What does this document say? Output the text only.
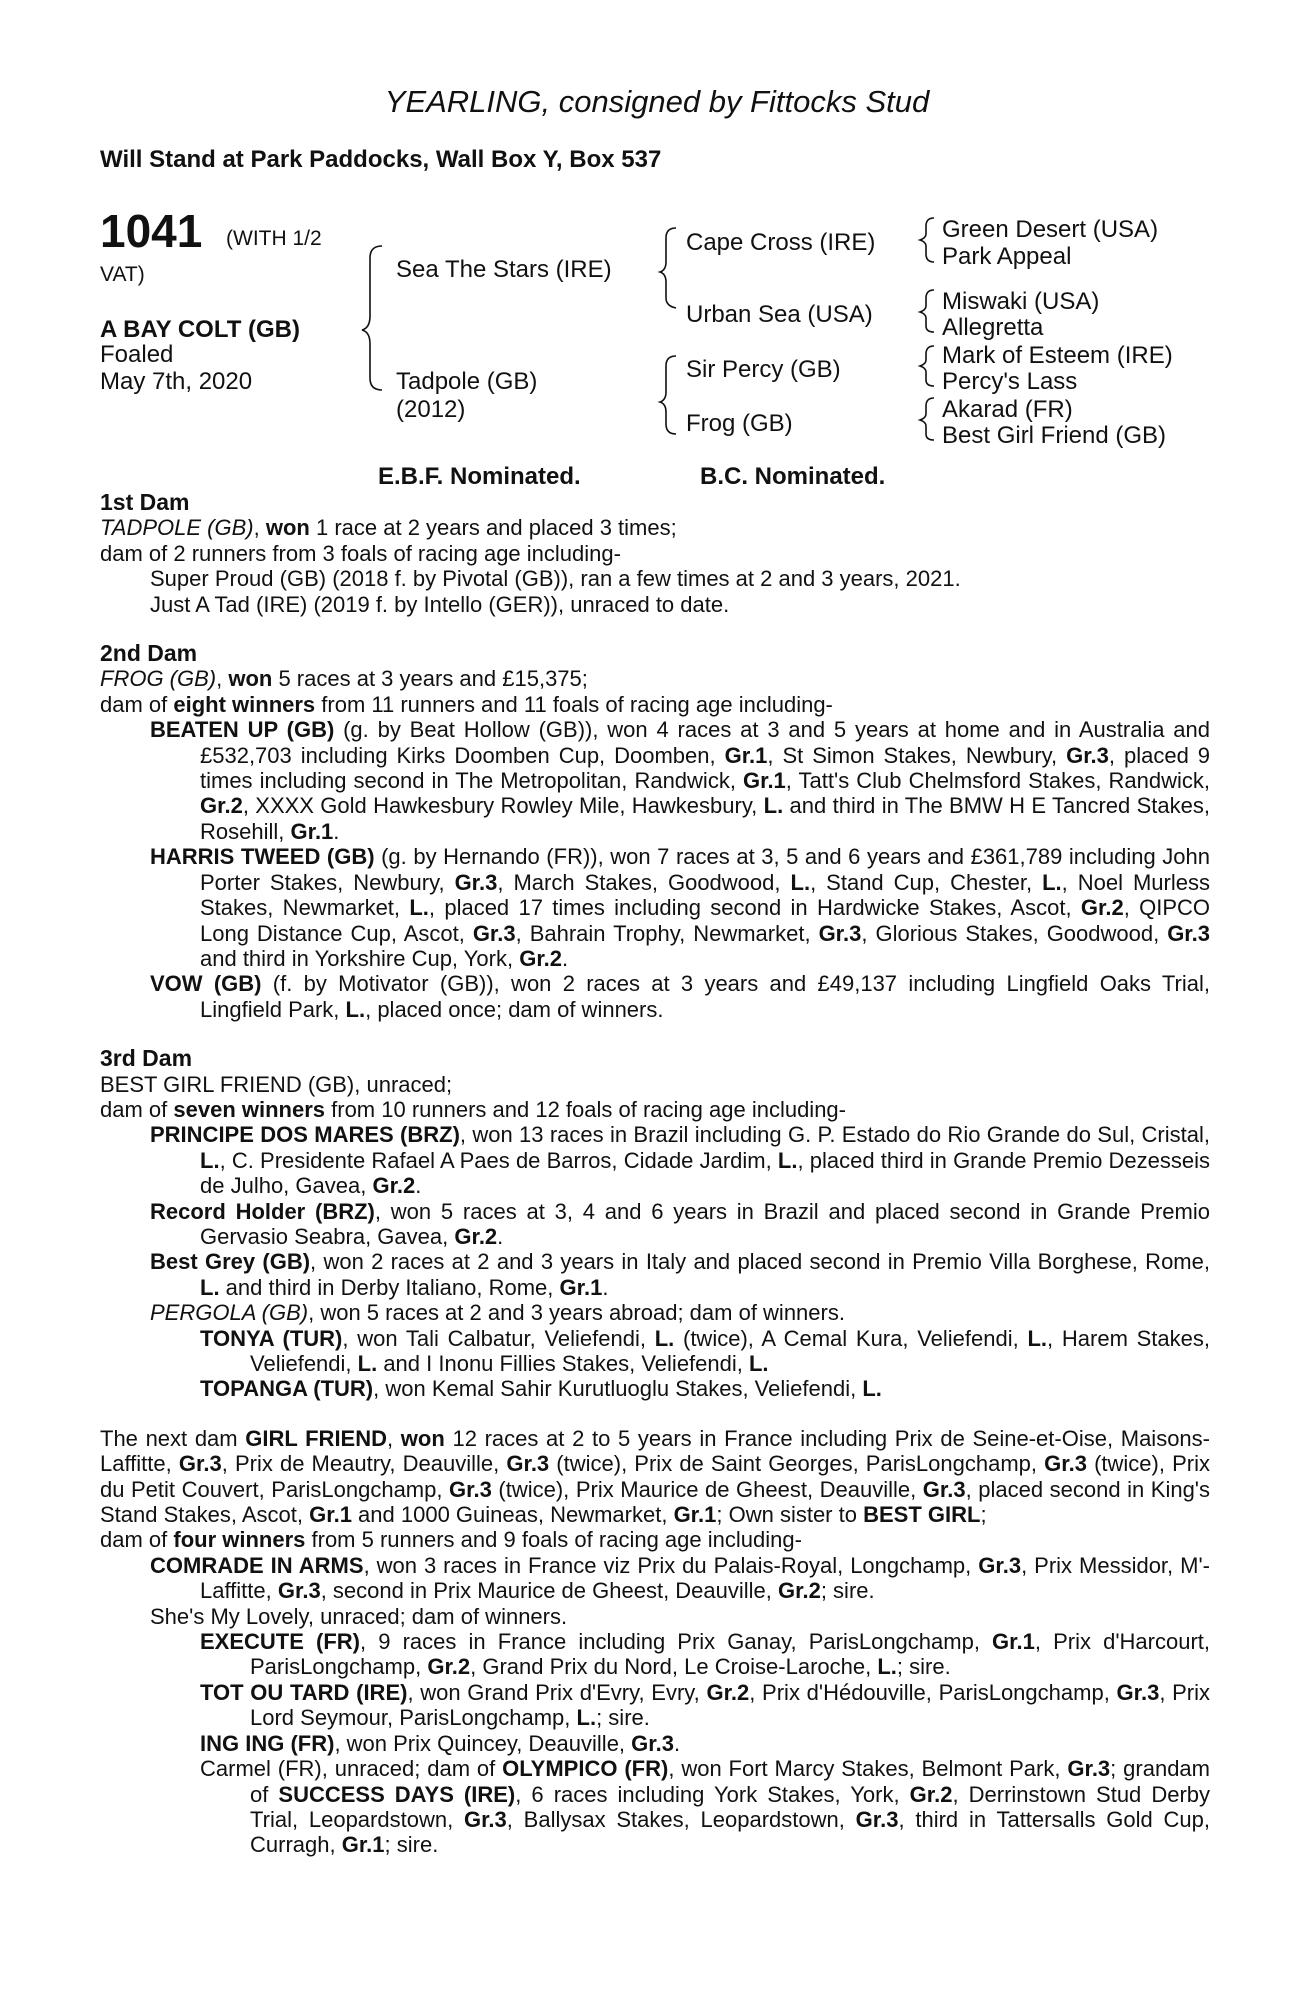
YEARLING, consigned by Fittocks Stud
Will Stand at Park Paddocks, Wall Box Y, Box 537
1041 (WITH 1/2
VAT)
A BAY COLT (GB)
Foaled
May 7th, 2020
Sea The Stars (IRE)
Tadpole (GB)
(2012)
Cape Cross (IRE)
Urban Sea (USA)
Sir Percy (GB)
Frog (GB)
Green Desert (USA)
Park Appeal
Miswaki (USA)
Allegretta
Mark of Esteem (IRE)
Percy's Lass
Akarad (FR)
Best Girl Friend (GB)
E.B.F. Nominated.	B.C. Nominated.

1st Dam

TADPOLE (GB), won 1 race at 2 years and placed 3 times;

dam of 2 runners from 3 foals of racing age including-

Super Proud (GB) (2018 f. by Pivotal (GB)), ran a few times at 2 and 3 years, 2021.

Just A Tad (IRE) (2019 f. by Intello (GER)), unraced to date.

2nd Dam

FROG (GB), won 5 races at 3 years and £15,375;

dam of eight winners from 11 runners and 11 foals of racing age including-

BEATEN UP (GB) (g. by Beat Hollow (GB)), won 4 races at 3 and 5 years at home and in Australia and £532,703 including Kirks Doomben Cup, Doomben, Gr.1, St Simon Stakes, Newbury, Gr.3, placed 9 times including second in The Metropolitan, Randwick, Gr.1, Tatt's Club Chelmsford Stakes, Randwick, Gr.2, XXXX Gold Hawkesbury Rowley Mile, Hawkesbury, L. and third in The BMW H E Tancred Stakes, Rosehill, Gr.1.

HARRIS TWEED (GB) (g. by Hernando (FR)), won 7 races at 3, 5 and 6 years and £361,789 including John Porter Stakes, Newbury, Gr.3, March Stakes, Goodwood, L., Stand Cup, Chester, L., Noel Murless Stakes, Newmarket, L., placed 17 times including second in Hardwicke Stakes, Ascot, Gr.2, QIPCO Long Distance Cup, Ascot, Gr.3, Bahrain Trophy, Newmarket, Gr.3, Glorious Stakes, Goodwood, Gr.3 and third in Yorkshire Cup, York, Gr.2.

VOW (GB) (f. by Motivator (GB)), won 2 races at 3 years and £49,137 including Lingfield Oaks Trial, Lingfield Park, L., placed once; dam of winners.

3rd Dam

BEST GIRL FRIEND (GB), unraced;

dam of seven winners from 10 runners and 12 foals of racing age including-

PRINCIPE DOS MARES (BRZ), won 13 races in Brazil including G. P. Estado do Rio Grande do Sul, Cristal, L., C. Presidente Rafael A Paes de Barros, Cidade Jardim, L., placed third in Grande Premio Dezesseis de Julho, Gavea, Gr.2.

Record Holder (BRZ), won 5 races at 3, 4 and 6 years in Brazil and placed second in Grande Premio Gervasio Seabra, Gavea, Gr.2.

Best Grey (GB), won 2 races at 2 and 3 years in Italy and placed second in Premio Villa Borghese, Rome, L. and third in Derby Italiano, Rome, Gr.1.

PERGOLA (GB), won 5 races at 2 and 3 years abroad; dam of winners.

TONYA (TUR), won Tali Calbatur, Veliefendi, L. (twice), A Cemal Kura, Veliefendi, L., Harem Stakes, Veliefendi, L. and I Inonu Fillies Stakes, Veliefendi, L.

TOPANGA (TUR), won Kemal Sahir Kurutluoglu Stakes, Veliefendi, L.

The next dam GIRL FRIEND, won 12 races at 2 to 5 years in France including Prix de Seine-et-Oise, Maisons-Laffitte, Gr.3, Prix de Meautry, Deauville, Gr.3 (twice), Prix de Saint Georges, ParisLongchamp, Gr.3 (twice), Prix du Petit Couvert, ParisLongchamp, Gr.3 (twice), Prix Maurice de Gheest, Deauville, Gr.3, placed second in King's Stand Stakes, Ascot, Gr.1 and 1000 Guineas, Newmarket, Gr.1; Own sister to BEST GIRL;

dam of four winners from 5 runners and 9 foals of racing age including-

COMRADE IN ARMS, won 3 races in France viz Prix du Palais-Royal, Longchamp, Gr.3, Prix Messidor, M'-Laffitte, Gr.3, second in Prix Maurice de Gheest, Deauville, Gr.2; sire.

She's My Lovely, unraced; dam of winners.

EXECUTE (FR), 9 races in France including Prix Ganay, ParisLongchamp, Gr.1, Prix d'Harcourt, ParisLongchamp, Gr.2, Grand Prix du Nord, Le Croise-Laroche, L.; sire.

TOT OU TARD (IRE), won Grand Prix d'Evry, Evry, Gr.2, Prix d'Hédouville, ParisLongchamp, Gr.3, Prix Lord Seymour, ParisLongchamp, L.; sire.

ING ING (FR), won Prix Quincey, Deauville, Gr.3.

Carmel (FR), unraced; dam of OLYMPICO (FR), won Fort Marcy Stakes, Belmont Park, Gr.3; grandam of SUCCESS DAYS (IRE), 6 races including York Stakes, York, Gr.2, Derrinstown Stud Derby Trial, Leopardstown, Gr.3, Ballysax Stakes, Leopardstown, Gr.3, third in Tattersalls Gold Cup, Curragh, Gr.1; sire.
